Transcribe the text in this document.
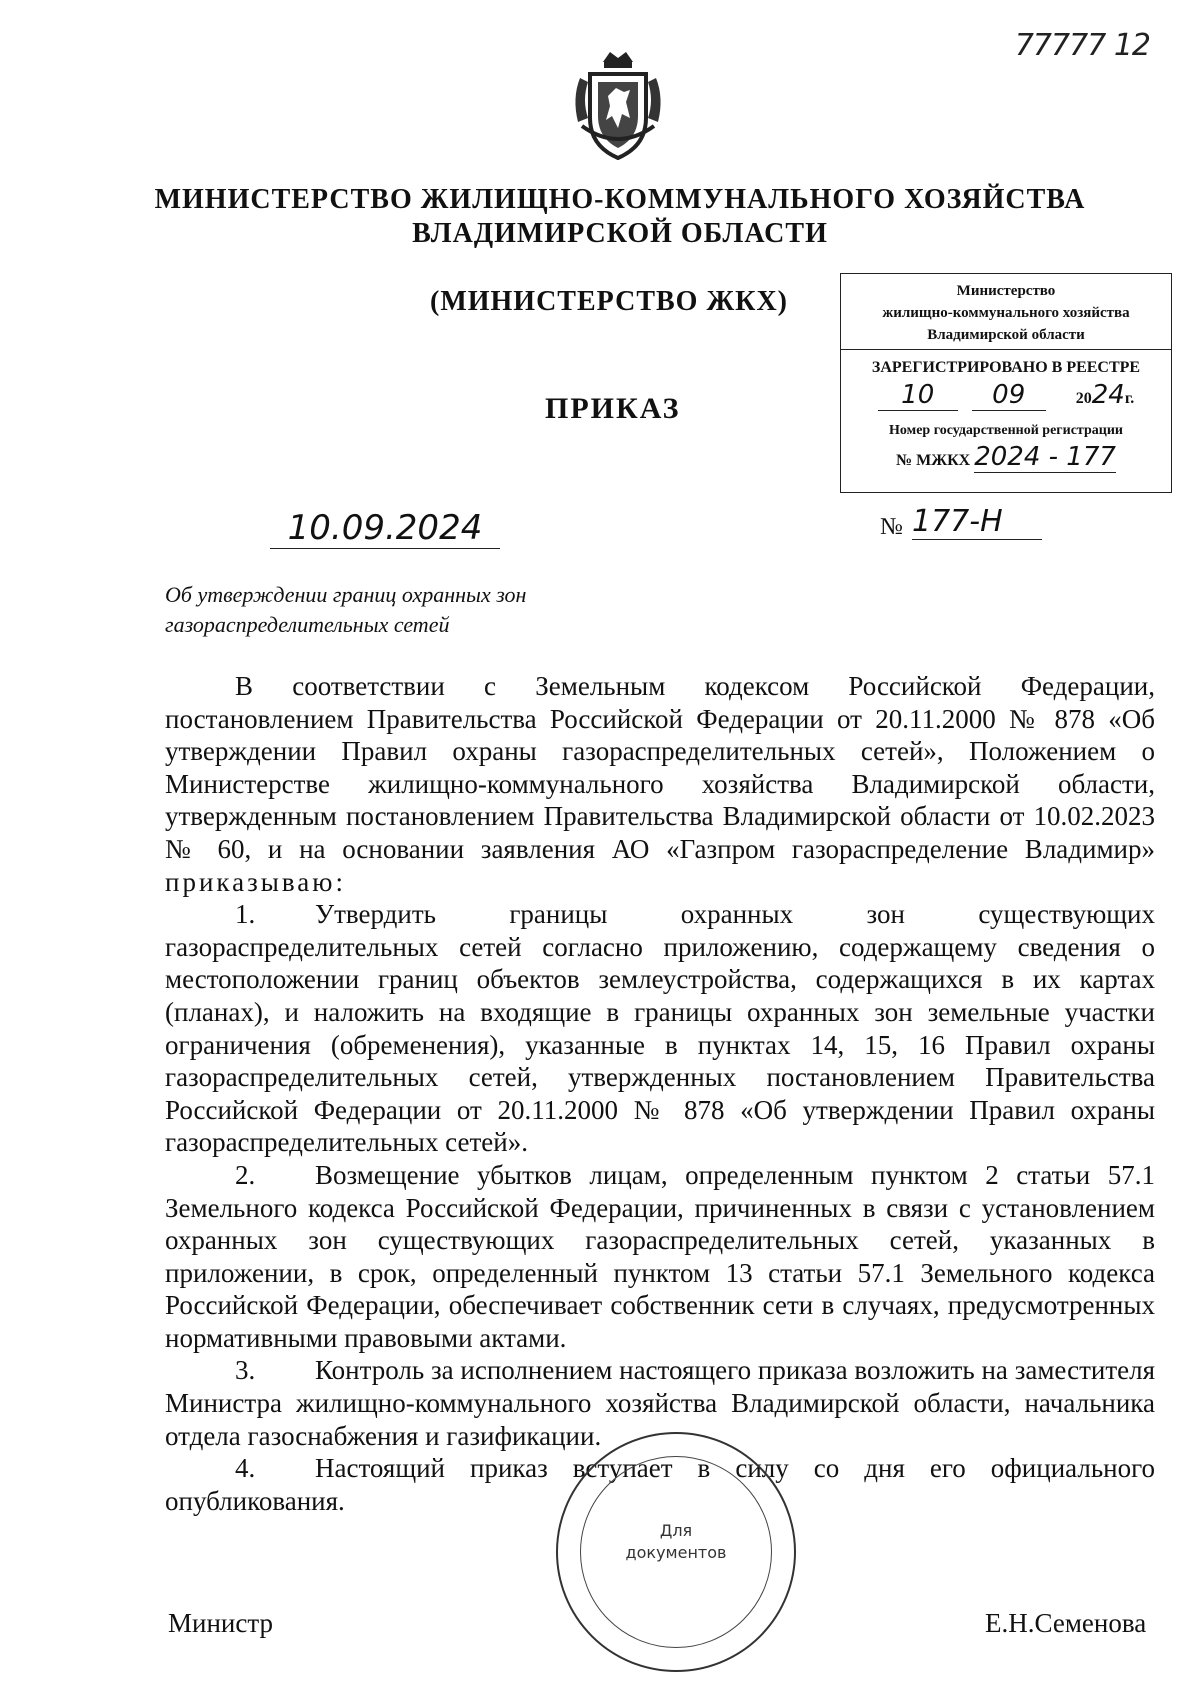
77777 12
МИНИСТЕРСТВО ЖИЛИЩНО-КОММУНАЛЬНОГО ХОЗЯЙСТВА ВЛАДИМИРСКОЙ ОБЛАСТИ
(МИНИСТЕРСТВО ЖКХ)
ПРИКАЗ
Министерство
жилищно-коммунального хозяйства
Владимирской области
ЗАРЕГИСТРИРОВАНО В РЕЕСТРЕ
10 09	2024г.
Номер государственной регистрации
№ МЖКХ 2024 - 177
10.09.2024	№ 177-Н
Об утверждении границ охранных зон
газораспределительных сетей

В соответствии с Земельным кодексом Российской Федерации, постановлением Правительства Российской Федерации от 20.11.2000 № 878 «Об утверждении Правил охраны газораспределительных сетей», Положением о Министерстве жилищно-коммунального хозяйства Владимирской области, утвержденным постановлением Правительства Владимирской области от 10.02.2023 № 60, и на основании заявления АО «Газпром газораспределение Владимир» приказываю:

1. Утвердить границы охранных зон существующих газораспределительных сетей согласно приложению, содержащему сведения о местоположении границ объектов землеустройства, содержащихся в их картах (планах), и наложить на входящие в границы охранных зон земельные участки ограничения (обременения), указанные в пунктах 14, 15, 16 Правил охраны газораспределительных сетей, утвержденных постановлением Правительства Российской Федерации от 20.11.2000 № 878 «Об утверждении Правил охраны газораспределительных сетей».

2. Возмещение убытков лицам, определенным пунктом 2 статьи 57.1 Земельного кодекса Российской Федерации, причиненных в связи с установлением охранных зон существующих газораспределительных сетей, указанных в приложении, в срок, определенный пунктом 13 статьи 57.1 Земельного кодекса Российской Федерации, обеспечивает собственник сети в случаях, предусмотренных нормативными правовыми актами.

3. Контроль за исполнением настоящего приказа возложить на заместителя Министра жилищно-коммунального хозяйства Владимирской области, начальника отдела газоснабжения и газификации.

4. Настоящий приказ вступает в силу со дня его официального опубликования.

Для
документов
Министр	Е.Н.Семенова
